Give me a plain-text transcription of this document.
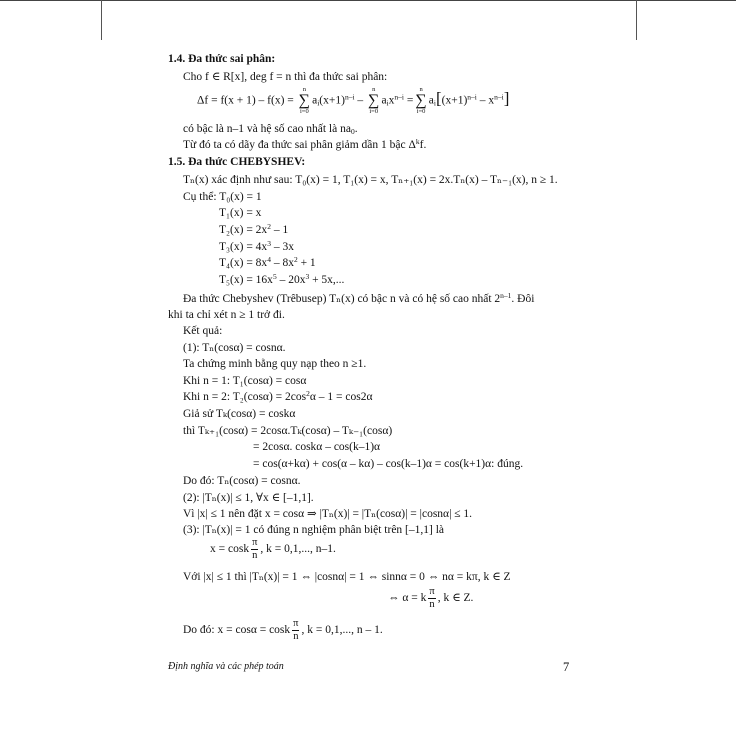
1.4. Đa thức sai phân:
Cho f ∈ R[x], deg f = n thì đa thức sai phân:
Δf = f(x + 1) – f(x) =
n
∑
i=0
$a_i(x+1)^{n-i}$ –
n
∑
i=0
$a_ix^{n-i}$ =
n
∑
i=0
$a_i[(x+1)^{n-i} - x^{n-i}]$
có bậc là n–1 và hệ số cao nhất là $na_0$.
Từ đó ta có dãy đa thức sai phân giảm dần 1 bậc $\Delta^kf$.
1.5. Đa thức CHEBYSHEV:
Tₙ(x) xác định như sau: T₀(x) = 1, T₁(x) = x, Tₙ₊₁(x) = 2x.Tₙ(x) – Tₙ₋₁(x), n ≥ 1.
Cụ thể: T₀(x) = 1
T₁(x) = x
$T_2(x) = 2x^2 - 1$
$T_3(x) = 4x^3 - 3x$
$T_4(x) = 8x^4 - 8x^2 + 1$
$T_5(x) = 16x^5 - 20x^3 + 5x$,...
Đa thức Chebyshev (Trêbusep) Tₙ(x) có bậc n và có hệ số cao nhất 2$^{n-1}$. Đôi
khi ta chỉ xét n ≥ 1 trở đi.
Kết quả:
(1): Tₙ(cosα) = cosnα.
Ta chứng minh bằng quy nạp theo n ≥1.
Khi n = 1: T₁(cosα) = cosα
Khi n = 2: $T_2(\cos\alpha) = 2\cos^2\alpha - 1 = \cos 2\alpha$
Giả sử Tₖ(cosα) = coskα
thì Tₖ₊₁(cosα) = 2cosα.Tₖ(cosα) – Tₖ₋₁(cosα)
= 2cosα. coskα – cos(k–1)α
= cos(α+kα) + cos(α – kα) – cos(k–1)α = cos(k+1)α: đúng.
Do đó: Tₙ(cosα) = cosnα.
(2): |Tₙ(x)| ≤ 1, ∀x ∈ [–1,1].
Vì |x| ≤ 1 nên đặt x = cosα ⇒ |Tₙ(x)| = |Tₙ(cosα)| = |cosnα| ≤ 1.
(3): |Tₙ(x)| = 1 có đúng n nghiệm phân biệt trên [–1,1] là
x = cosk $\frac{\pi}{n}$ , k = 0,1,..., n–1.
Với |x| ≤ 1 thì |Tₙ(x)| = 1 ⇔ |cosnα| = 1 ⇔ sinnα = 0 ⇔ nα = kπ, k ∈ Z
⇔ α = k $\frac{\pi}{n}$ , k ∈ Z.
Do đó: x = cosα = cosk $\frac{\pi}{n}$ , k = 0,1,..., n – 1.
Định nghĩa và các phép toán	7
